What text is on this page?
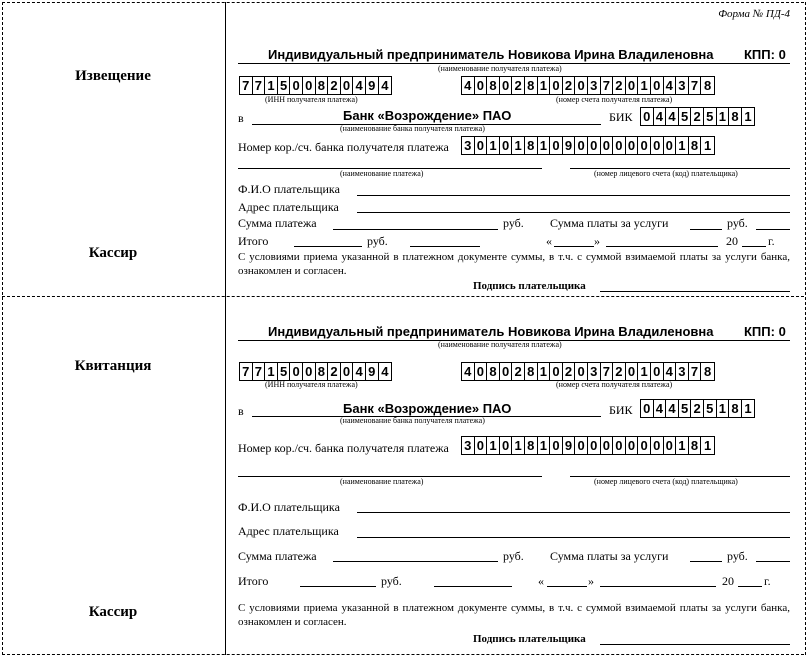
Форма № ПД-4
Извещение
Кассир
Индивидуальный предприниматель Новикова Ирина Владиленовна КПП: 0
(наименование получателя платежа)
7 7 1 5 0 0 8 2 0 4 9 4
(ИНН получателя платежа)
4 0 8 0 2 8 1 0 2 0 3 7 2 0 1 0 4 3 7 8
(номер счета получателя платежа)
в	Банк «Возрождение» ПАО
(наименование банка получателя платежа)
БИК 0 4 4 5 2 5 1 8 1
Номер кор./сч. банка получателя платежа 3 0 1 0 1 8 1 0 9 0 0 0 0 0 0 0 0 1 8 1
(наименование платежа)	(номер лицевого счета (код) плательщика)
Ф.И.О плательщика
Адрес плательщика
Сумма платежа	руб. Сумма платы за услуги	руб.
Итого	руб.	«	»	20	г.
С условиями приема указанной в платежном документе суммы, в т.ч. с суммой взимаемой платы за услуги банка, ознакомлен и согласен.
Подпись плательщика
Квитанция
Кассир
Индивидуальный предприниматель Новикова Ирина Владиленовна КПП: 0
(наименование получателя платежа)
7 7 1 5 0 0 8 2 0 4 9 4
(ИНН получателя платежа)
4 0 8 0 2 8 1 0 2 0 3 7 2 0 1 0 4 3 7 8
(номер счета получателя платежа)
в	Банк «Возрождение» ПАО
(наименование банка получателя платежа)
БИК 0 4 4 5 2 5 1 8 1
Номер кор./сч. банка получателя платежа 3 0 1 0 1 8 1 0 9 0 0 0 0 0 0 0 0 1 8 1
(наименование платежа)	(номер лицевого счета (код) плательщика)
Ф.И.О плательщика
Адрес плательщика
Сумма платежа	руб. Сумма платы за услуги	руб.
Итого	руб.	«	»	20	г.
С условиями приема указанной в платежном документе суммы, в т.ч. с суммой взимаемой платы за услуги банка, ознакомлен и согласен.
Подпись плательщика
